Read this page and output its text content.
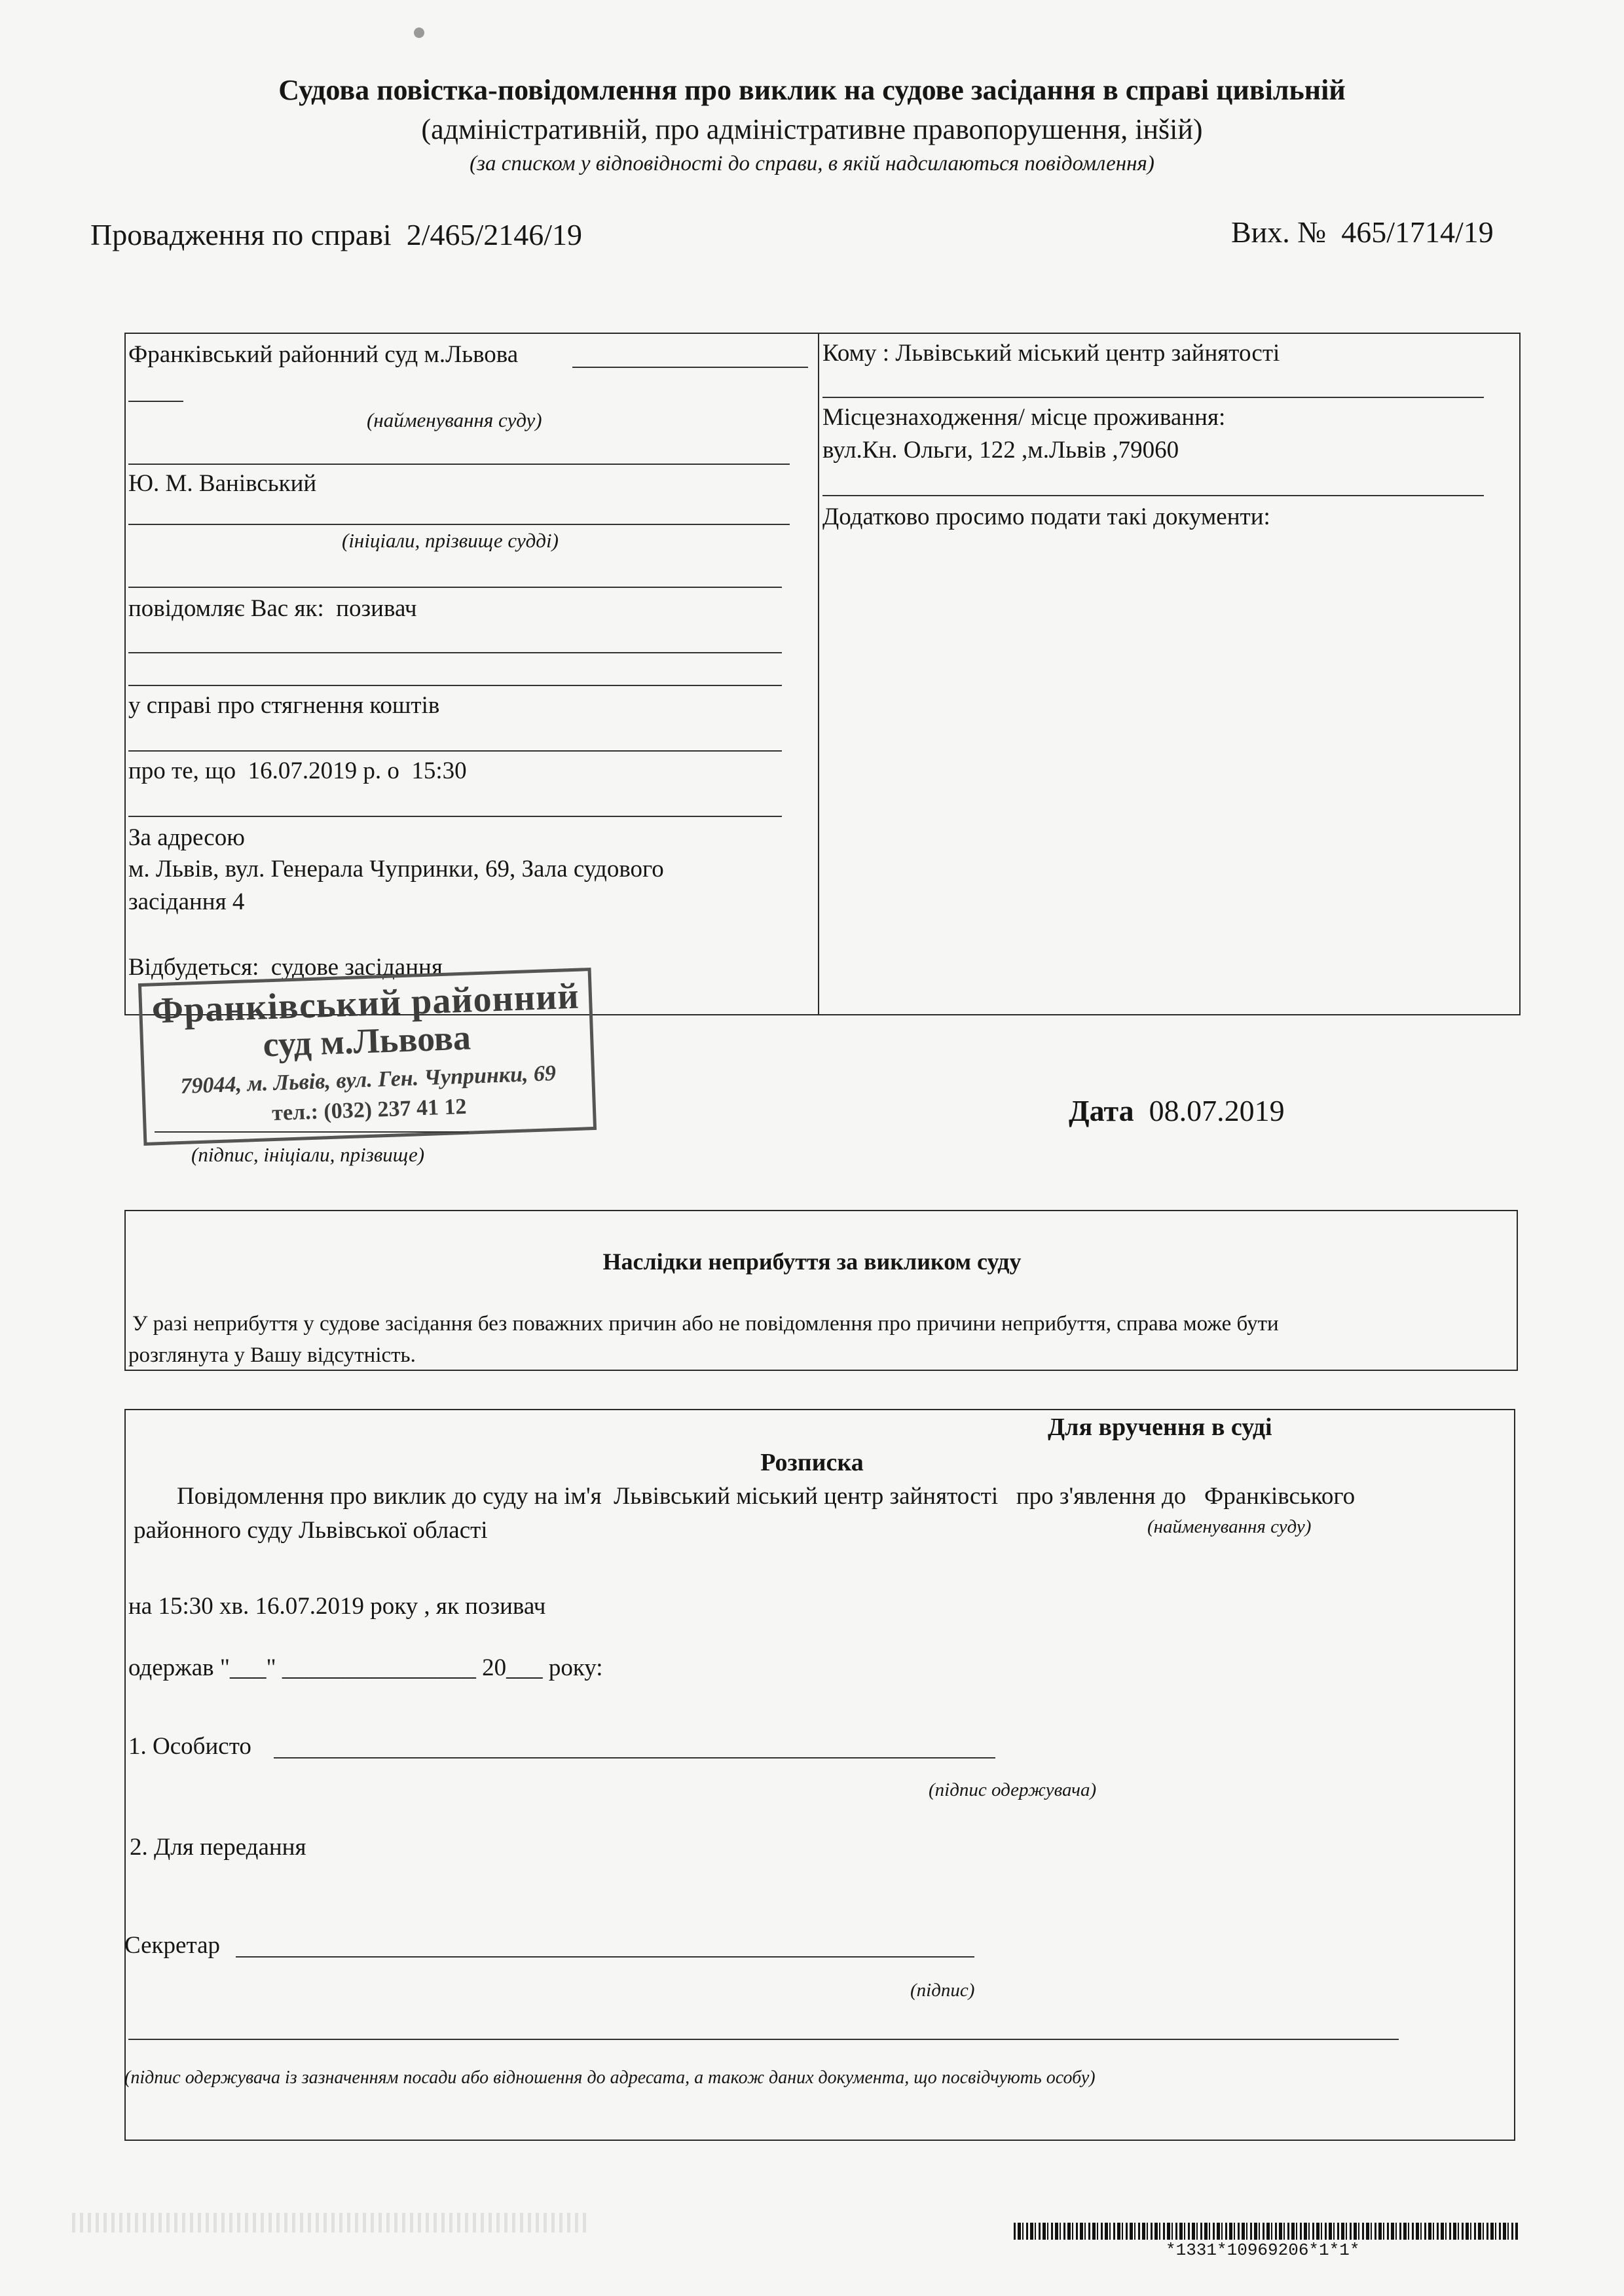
Судова повістка-повідомлення про виклик на судове засідання в справі цивільній
(адміністративній, про адміністративне правопорушення, інšій)
(за списком у відповідності до справи, в якій надсилаються повідомлення)
Провадження по справі 2/465/2146/19	Вих. № 465/1714/19
Франківський районний суд м.Львова
(найменування суду)
Ю. М. Ванівський
(ініціали, прізвище судді)
повідомляє Вас як: позивач
у справі про стягнення коштів
про те, що 16.07.2019 р. о 15:30
За адресою
м. Львів, вул. Генерала Чупринки, 69, Зала судового
засідання 4
Відбудеться: судове засідання
Кому : Львівський міський центр зайнятості
Місцезнаходження/ місце проживання:
вул.Кн. Ольги, 122 ,м.Львів ,79060
Додатково просимо подати такі документи:
Франківський районний
суд м.Львова
79044, м. Львів, вул. Ген. Чупринки, 69
тел.: (032) 237 41 12
(підпис, ініціали, прізвище)
Дата 08.07.2019
Наслідки неприбуття за викликом суду
У разі неприбуття у судове засідання без поважних причин або не повідомлення про причини неприбуття, справа може бути
розглянута у Вашу відсутність.
Для вручення в суді
Розписка
Повідомлення про виклик до суду на ім'я Львівський міський центр зайнятості про з'явлення до Франківського
районного суду Львівської області	(найменування суду)
на 15:30 хв. 16.07.2019 року , як позивач
одержав "___" ________________ 20___ року:
1. Особисто
(підпис одержувача)
2. Для передання
Секретар
(підпис)
(підпис одержувача із зазначенням посади або відношення до адресата, а також даних документа, що посвідчують особу)
*1331*10969206*1*1*
